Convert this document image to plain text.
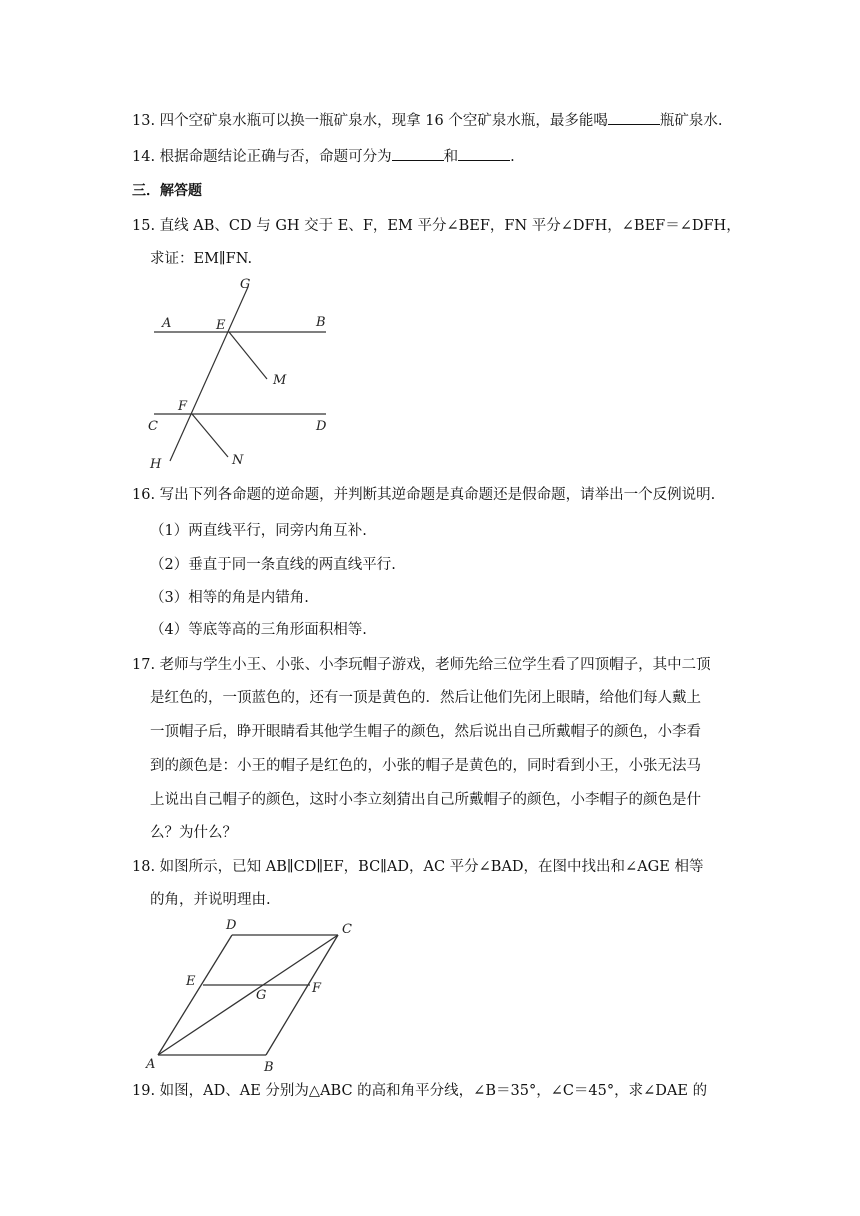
13. 四个空矿泉水瓶可以换一瓶矿泉水，现拿 16 个空矿泉水瓶，最多能喝	瓶矿泉水.
14. 根据命题结论正确与否，命题可分为	和	.
三．解答题
15. 直线 AB、CD 与 GH 交于 E、F，EM 平分∠BEF，FN 平分∠DFH，∠BEF＝∠DFH，
求证：EM∥FN.
G
A	E	B
M
F
C	D
H	N
16. 写出下列各命题的逆命题，并判断其逆命题是真命题还是假命题，请举出一个反例说明.
（1）两直线平行，同旁内角互补.
（2）垂直于同一条直线的两直线平行.
（3）相等的角是内错角.
（4）等底等高的三角形面积相等.
17. 老师与学生小王、小张、小李玩帽子游戏，老师先给三位学生看了四顶帽子，其中二顶
是红色的，一顶蓝色的，还有一顶是黄色的．然后让他们先闭上眼睛，给他们每人戴上
一顶帽子后，睁开眼睛看其他学生帽子的颜色，然后说出自己所戴帽子的颜色，小李看
到的颜色是：小王的帽子是红色的，小张的帽子是黄色的，同时看到小王，小张无法马
上说出自己帽子的颜色，这时小李立刻猜出自己所戴帽子的颜色，小李帽子的颜色是什
么？为什么？
18. 如图所示，已知 AB∥CD∥EF，BC∥AD，AC 平分∠BAD，在图中找出和∠AGE 相等
的角，并说明理由.
D	C
E
G	F
A	B
19. 如图，AD、AE 分别为△ABC 的高和角平分线，∠B＝35°，∠C＝45°，求∠DAE 的
